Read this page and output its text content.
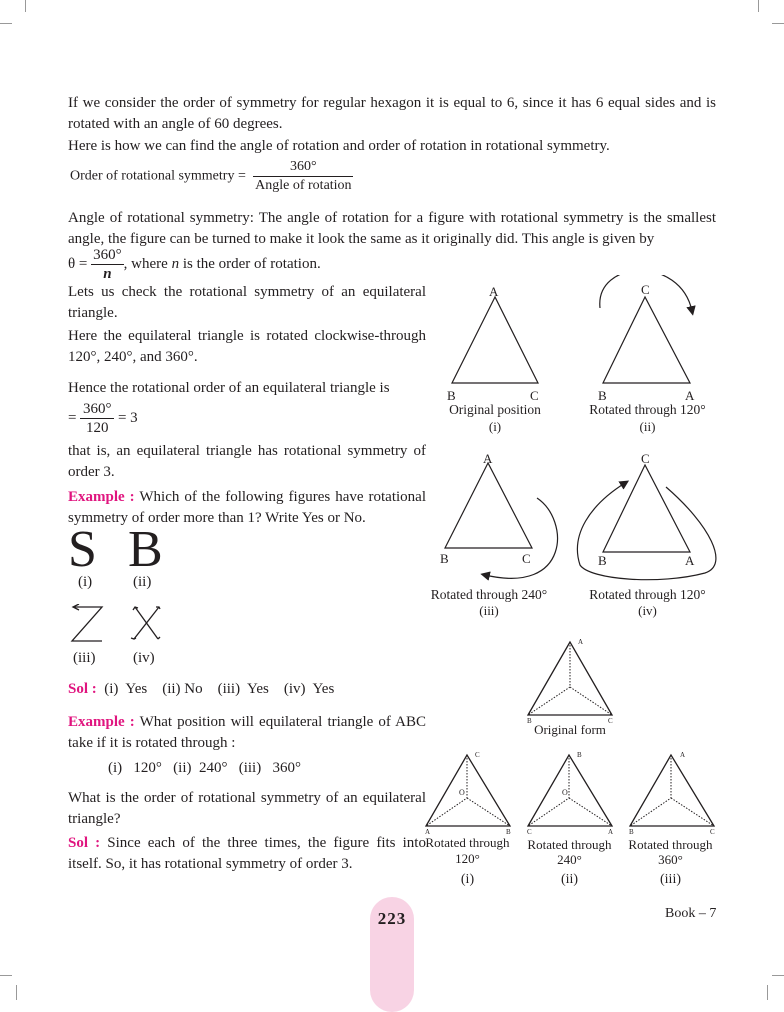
If we consider the order of symmetry for regular hexagon it is equal to 6, since it has 6 equal sides and is rotated with an angle of 60 degrees.
Here is how we can find the angle of rotation and order of rotation in rotational symmetry.
Order of rotational symmetry = $\frac{360^\circ}{\text{Angle of rotation}}$
Angle of rotational symmetry: The angle of rotation for a figure with rotational symmetry is the smallest angle, the figure can be turned to make it look the same as it originally did. This angle is given by
$\theta = \frac{360^\circ}{n}$ , where n is the order of rotation.
Lets us check the rotational symmetry of an equilateral triangle.
Here the equilateral triangle is rotated clockwise-through 120°, 240°, and 360°.
Hence the rotational order of an equilateral triangle is
= $\frac{360^\circ}{120} = 3$
that is, an equilateral triangle has rotational symmetry of order 3.
Example : Which of the following figures have rotational symmetry of order more than 1? Write Yes or No.
S B
(i)	(ii)
(iii)	(iv)
Sol : (i)  Yes    (ii) No    (iii)  Yes    (iv)  Yes
Example : What position will equilateral triangle of ABC take if it is rotated through :
(i)   120°   (ii)  240°   (iii)   360°
What is the order of rotational symmetry of an equilateral triangle?
Sol : Since each of the three times, the figure fits into itself. So, it has rotational symmetry of order 3.
A
B	C
Original position
(i)
C
B	A
Rotated through 120°
(ii)
A
B	C
Rotated through 240°
(iii)
C
B	A
Rotated through 120°
(iv)
A
B	C
Original form
C
O
A	B
Rotated through
120°
(i)
B
O
C	A
Rotated through
240°
(ii)
A
B	C
Rotated through
360°
(iii)
223	Book – 7
